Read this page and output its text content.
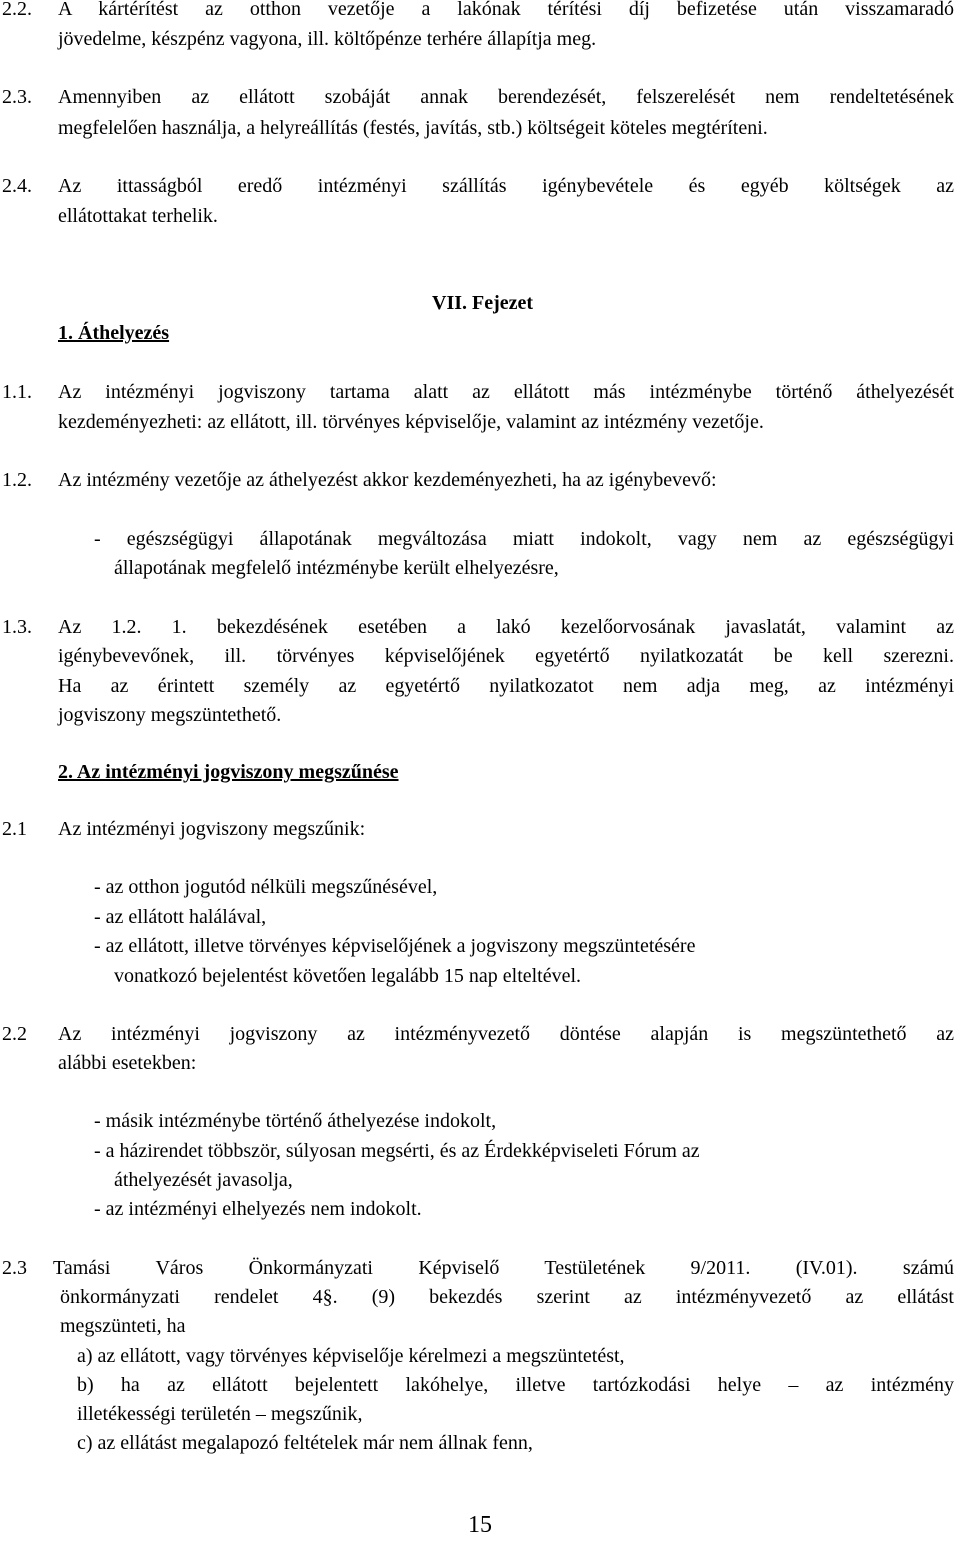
2.2. A kártérítést az otthon vezetője a lakónak térítési díj befizetése után visszamaradó
jövedelme, készpénz vagyona, ill. költőpénze terhére állapítja meg.
2.3. Amennyiben az ellátott szobáját annak berendezését, felszerelését nem rendeltetésének
megfelelően használja, a helyreállítás (festés, javítás, stb.) költségeit köteles megtéríteni.
2.4. Az ittasságból eredő intézményi szállítás igénybevétele és egyéb költségek az
ellátottakat terhelik.
VII. Fejezet
1. Áthelyezés
1.1. Az intézményi jogviszony tartama alatt az ellátott más intézménybe történő áthelyezését
kezdeményezheti: az ellátott, ill. törvényes képviselője, valamint az intézmény vezetője.
1.2. Az intézmény vezetője az áthelyezést akkor kezdeményezheti, ha az igénybevevő:
- egészségügyi állapotának megváltozása miatt indokolt, vagy nem az egészségügyi
állapotának megfelelő intézménybe került elhelyezésre,
1.3. Az 1.2. 1. bekezdésének esetében a lakó kezelőorvosának javaslatát, valamint az
igénybevevőnek, ill. törvényes képviselőjének egyetértő nyilatkozatát be kell szerezni.
Ha az érintett személy az egyetértő nyilatkozatot nem adja meg, az intézményi
jogviszony megszüntethető.
2. Az intézményi jogviszony megszűnése
2.1 Az intézményi jogviszony megszűnik:
- az otthon jogutód nélküli megszűnésével,
- az ellátott halálával,
- az ellátott, illetve törvényes képviselőjének a jogviszony megszüntetésére
vonatkozó bejelentést követően legalább 15 nap elteltével.
2.2 Az intézményi jogviszony az intézményvezető döntése alapján is megszüntethető az
alábbi esetekben:
- másik intézménybe történő áthelyezése indokolt,
- a házirendet többször, súlyosan megsérti, és az Érdekképviseleti Fórum az
áthelyezését javasolja,
- az intézményi elhelyezés nem indokolt.
2.3 Tamási Város Önkormányzati Képviselő Testületének 9/2011. (IV.01). számú
önkormányzati rendelet 4§. (9) bekezdés szerint az intézményvezető az ellátást
megszünteti, ha
a) az ellátott, vagy törvényes képviselője kérelmezi a megszüntetést,
b) ha az ellátott bejelentett lakóhelye, illetve tartózkodási helye – az intézmény
illetékességi területén – megszűnik,
c) az ellátást megalapozó feltételek már nem állnak fenn,
15
